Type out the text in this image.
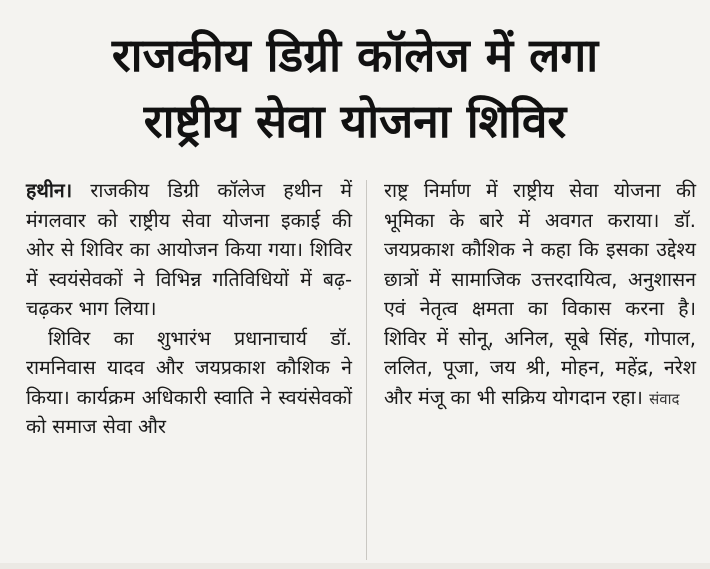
राजकीय डिग्री कॉलेज में लगा
राष्ट्रीय सेवा योजना शिविर

हथीन। राजकीय डिग्री कॉलेज हथीन में मंगलवार को राष्ट्रीय सेवा योजना इकाई की ओर से शिविर का आयोजन किया गया। शिविर में स्वयंसेवकों ने विभिन्न गतिविधियों में बढ़-चढ़कर भाग लिया।

शिविर का शुभारंभ प्रधानाचार्य डॉ. रामनिवास यादव और जयप्रकाश कौशिक ने किया। कार्यक्रम अधिकारी स्वाति ने स्वयंसेवकों को समाज सेवा और

राष्ट्र निर्माण में राष्ट्रीय सेवा योजना की भूमिका के बारे में अवगत कराया। डॉ. जयप्रकाश कौशिक ने कहा कि इसका उद्देश्य छात्रों में सामाजिक उत्तरदायित्व, अनुशासन एवं नेतृत्व क्षमता का विकास करना है। शिविर में सोनू, अनिल, सूबे सिंह, गोपाल, ललित, पूजा, जय श्री, मोहन, महेंद्र, नरेश और मंजू का भी सक्रिय योगदान रहा। संवाद
